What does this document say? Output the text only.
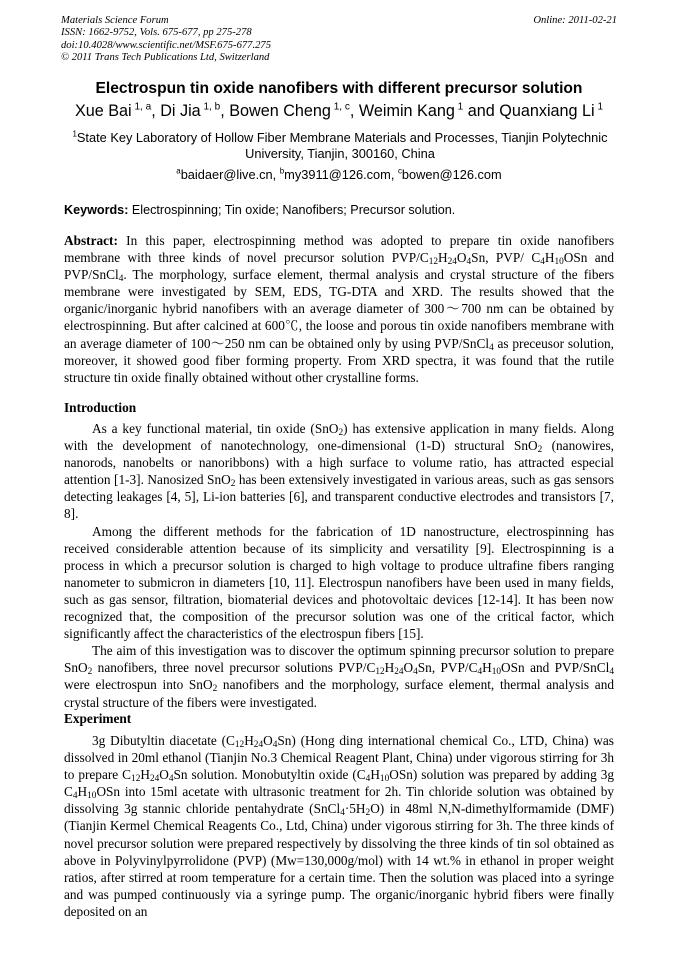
Materials Science Forum
ISSN: 1662-9752, Vols. 675-677, pp 275-278
doi:10.4028/www.scientific.net/MSF.675-677.275
© 2011 Trans Tech Publications Ltd, Switzerland
Online: 2011-02-21
Electrospun tin oxide nanofibers with different precursor solution
Xue Bai $^{1, a}$, Di Jia $^{1, b}$, Bowen Cheng $^{1, c}$, Weimin Kang $^1$ and Quanxiang Li $^1$
$^1$State Key Laboratory of Hollow Fiber Membrane Materials and Processes, Tianjin Polytechnic University, Tianjin, 300160, China
$^a$baidaer@live.cn, $^b$my3911@126.com, $^c$bowen@126.com
Keywords: Electrospinning; Tin oxide; Nanofibers; Precursor solution.

Abstract: In this paper, electrospinning method was adopted to prepare tin oxide nanofibers membrane with three kinds of novel precursor solution PVP/$C_{12}H_{24}O_4Sn$, PVP/ $C_4H_{10}OSn$ and PVP/SnCl$_4$. The morphology, surface element, thermal analysis and crystal structure of the fibers membrane were investigated by SEM, EDS, TG-DTA and XRD. The results showed that the organic/inorganic hybrid nanofibers with an average diameter of 300～700 nm can be obtained by electrospinning. But after calcined at 600℃, the loose and porous tin oxide nanofibers membrane with an average diameter of 100～250 nm can be obtained only by using PVP/SnCl$_4$ as preceusor solution, moreover, it showed good fiber forming property. From XRD spectra, it was found that the rutile structure tin oxide finally obtained without other crystalline forms.

Introduction

As a key functional material, tin oxide (SnO$_2$) has extensive application in many fields. Along with the development of nanotechnology, one-dimensional (1-D) structural SnO$_2$ (nanowires, nanorods, nanobelts or nanoribbons) with a high surface to volume ratio, has attracted especial attention [1-3]. Nanosized SnO$_2$ has been extensively investigated in various areas, such as gas sensors detecting leakages [4, 5], Li-ion batteries [6], and transparent conductive electrodes and transistors [7, 8].

Among the different methods for the fabrication of 1D nanostructure, electrospinning has received considerable attention because of its simplicity and versatility [9]. Electrospinning is a process in which a precursor solution is charged to high voltage to produce ultrafine fibers ranging nanometer to submicron in diameters [10, 11]. Electrospun nanofibers have been used in many fields, such as gas sensor, filtration, biomaterial devices and photovoltaic devices [12-14]. It has been now recognized that, the composition of the precursor solution was one of the critical factor, which significantly affect the characteristics of the electrospun fibers [15].

The aim of this investigation was to discover the optimum spinning precursor solution to prepare SnO$_2$ nanofibers, three novel precursor solutions PVP/$C_{12}H_{24}O_4Sn$, PVP/$C_4H_{10}OSn$ and PVP/SnCl$_4$ were electrospun into SnO$_2$ nanofibers and the morphology, surface element, thermal analysis and crystal structure of the fibers were investigated.

Experiment

3g Dibutyltin diacetate $(C_{12}H_{24}O_4Sn)$ (Hong ding international chemical Co., LTD, China) was dissolved in 20ml ethanol (Tianjin No.3 Chemical Reagent Plant, China) under vigorous stirring for 3h to prepare $C_{12}H_{24}O_4Sn$ solution. Monobutyltin oxide $(C_4H_{10}OSn)$ solution was prepared by adding 3g $C_4H_{10}OSn$ into 15ml acetate with ultrasonic treatment for 2h. Tin chloride solution was obtained by dissolving 3g stannic chloride pentahydrate $(SnCl_4\cdot 5H_2O)$ in 48ml N,N-dimethylformamide (DMF) (Tianjin Kermel Chemical Reagents Co., Ltd, China) under vigorous stirring for 3h. The three kinds of novel precursor solution were prepared respectively by dissolving the three kinds of tin sol obtained as above in Polyvinylpyrrolidone (PVP) (Mw=130,000g/mol) with 14 wt.% in ethanol in proper weight ratios, after stirred at room temperature for a certain time. Then the solution was placed into a syringe and was pumped continuously via a syringe pump. The organic/inorganic hybrid fibers were finally deposited on an
